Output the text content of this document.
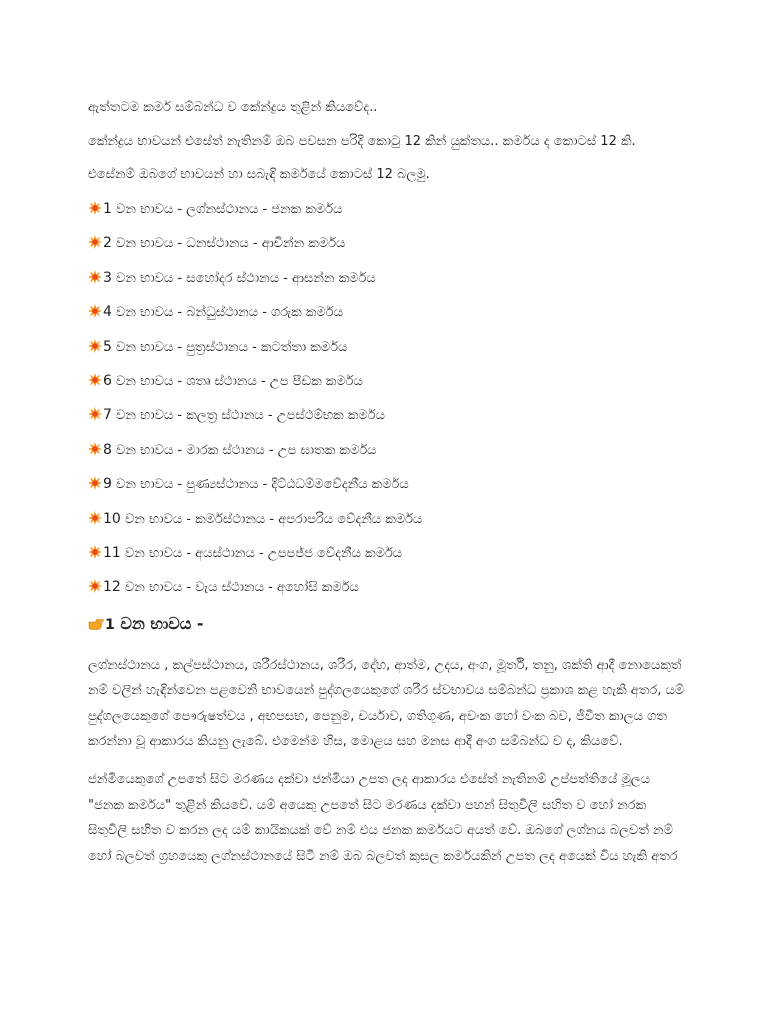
ඇත්තටම කර්ම සම්බන්ධ ව කේන්ද්‍රය තුළින් කියවේද..

කේන්ද්‍රය භාවයන් එසේත් නැතිනම් ඔබ පවසන පරිදි කොටු 12 කින් යුක්තය.. කර්මය ද කොටස් 12 කි.

එසේනම් ඔබගේ භාවයන් හා සබැඳි කර්මයේ කොටස් 12 බලමු.

1 වන භාවය - ලග්නස්ථානය - ජනක කර්මය
2 වන භාවය - ධනස්ථානය - ආචින්න කර්මය
3 වන භාවය - සහෝදර ස්ථානය - ආසන්න කර්මය
4 වන භාවය - බන්ධුස්ථානය - ගරුක කර්මය
5 වන භාවය - පුත්‍රස්ථානය - කටත්තා කර්මය
6 වන භාවය - ශත්‍රු ස්ථානය - උප පීඩක කර්මය
7 වන භාවය - කලත්‍ර ස්ථානය - උපස්ථම්භක කර්මය
8 වන භාවය - මාරක ස්ථානය - උප ඝාතක කර්මය
9 වන භාවය - පුණ්‍යස්ථානය - දිට්ඨධම්මවේදනීය කර්මය
10 වන භාවය - කර්මස්ථානය - අපරාපරිය වේදනීය කර්මය
11 වන භාවය - අයස්ථානය - උපපජ්ජ වේදනීය කර්මය
12 වන භාවය - වැය ස්ථානය - අහෝසි කර්මය
1 වන භාවය -

ලග්නස්ථානය , කල්පස්ථානය, ශරීරස්ථානය, ශරීර, දේහ, ආත්ම, උදය, අංග, මූර්ති, තනු, ශක්ති ආදී නොයෙකුත් නම් වලින් හැඳින්වෙන පළවෙනි භාවයෙන් පුද්ගලයෙකුගේ ශරීර ස්වභාවය සම්බන්ධ ප්‍රකාශ කළ හැකි අතර, යම් පුද්ගලයෙකුගේ පෞරුෂත්වය , අභපසභ, පෙනුම, චර්යාව, ගතිගුණ, අවංක හෝ වංක බව, ජීවිත කාලය ගත කරන්නා වූ ආකාරය කියනු ලැබේ. එමෙන්ම හිස, මොළය සහ මනස ආදී අංග සම්බන්ධ ව ද, කියවේ.

ජන්මියෙකුගේ උපතේ සිට මරණය දක්වා ජන්මියා උපත ලද ආකාරය එසේත් නැතිනම් උප්පත්තියේ මූලය "ජනක කර්මය" තුළින් කියවේ. යම් අයෙකු උපතේ සිට මරණය දක්වා පහන් සිතුවිලි සහිත ව හෝ නරක සිතුවිලි සහිත ව කරන ලද යම් කායිකයක් වේ නම් එය ජනක කර්මයට අයත් වේ. ඔබගේ ලග්නය බලවත් නම් හෝ බලවත් ග්‍රහයෙකු ලග්නස්ථානයේ සිටී නම් ඔබ බලවත් කුසල කර්මයකින් උපත ලද අයෙක් විය හැකි අතර
